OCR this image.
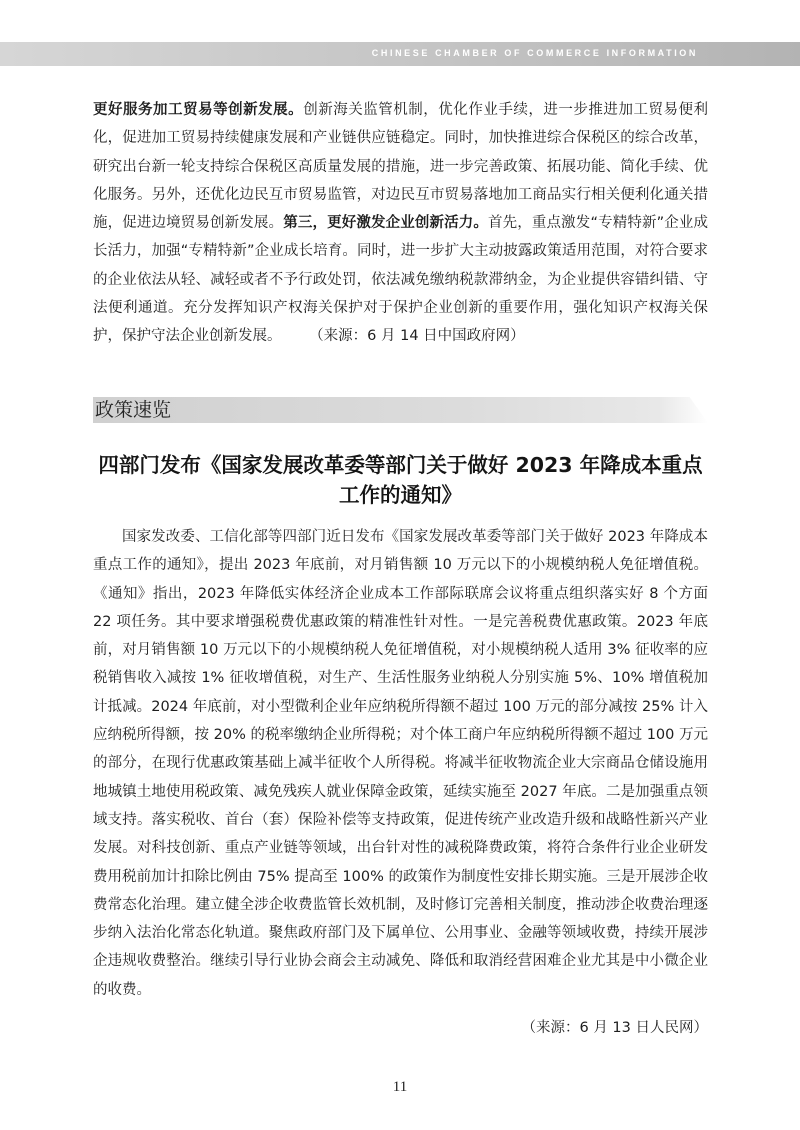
CHINESE CHAMBER OF COMMERCE INFORMATION

更好服务加工贸易等创新发展。创新海关监管机制，优化作业手续，进一步推进加工贸易便利化，促进加工贸易持续健康发展和产业链供应链稳定。同时，加快推进综合保税区的综合改革，研究出台新一轮支持综合保税区高质量发展的措施，进一步完善政策、拓展功能、简化手续、优化服务。另外，还优化边民互市贸易监管，对边民互市贸易落地加工商品实行相关便利化通关措施，促进边境贸易创新发展。第三，更好激发企业创新活力。首先，重点激发“专精特新”企业成长活力，加强“专精特新”企业成长培育。同时，进一步扩大主动披露政策适用范围，对符合要求的企业依法从轻、减轻或者不予行政处罚，依法减免缴纳税款滞纳金，为企业提供容错纠错、守法便利通道。充分发挥知识产权海关保护对于保护企业创新的重要作用，强化知识产权海关保护，保护守法企业创新发展。 （来源：6 月 14 日中国政府网）

政策速览
四部门发布《国家发展改革委等部门关于做好 2023 年降成本重点工作的通知》

国家发改委、工信化部等四部门近日发布《国家发展改革委等部门关于做好 2023 年降成本重点工作的通知》，提出 2023 年底前，对月销售额 10 万元以下的小规模纳税人免征增值税。《通知》指出，2023 年降低实体经济企业成本工作部际联席会议将重点组织落实好 8 个方面 22 项任务。其中要求增强税费优惠政策的精准性针对性。一是完善税费优惠政策。2023 年底前，对月销售额 10 万元以下的小规模纳税人免征增值税，对小规模纳税人适用 3% 征收率的应税销售收入减按 1% 征收增值税，对生产、生活性服务业纳税人分别实施 5%、10% 增值税加计抵减。2024 年底前，对小型微利企业年应纳税所得额不超过 100 万元的部分减按 25% 计入应纳税所得额，按 20% 的税率缴纳企业所得税；对个体工商户年应纳税所得额不超过 100 万元的部分，在现行优惠政策基础上减半征收个人所得税。将减半征收物流企业大宗商品仓储设施用地城镇土地使用税政策、减免残疾人就业保障金政策，延续实施至 2027 年底。二是加强重点领域支持。落实税收、首台（套）保险补偿等支持政策，促进传统产业改造升级和战略性新兴产业发展。对科技创新、重点产业链等领域，出台针对性的减税降费政策，将符合条件行业企业研发费用税前加计扣除比例由 75% 提高至 100% 的政策作为制度性安排长期实施。三是开展涉企收费常态化治理。建立健全涉企收费监管长效机制，及时修订完善相关制度，推动涉企收费治理逐步纳入法治化常态化轨道。聚焦政府部门及下属单位、公用事业、金融等领域收费，持续开展涉企违规收费整治。继续引导行业协会商会主动减免、降低和取消经营困难企业尤其是中小微企业的收费。

（来源：6 月 13 日人民网）
11
